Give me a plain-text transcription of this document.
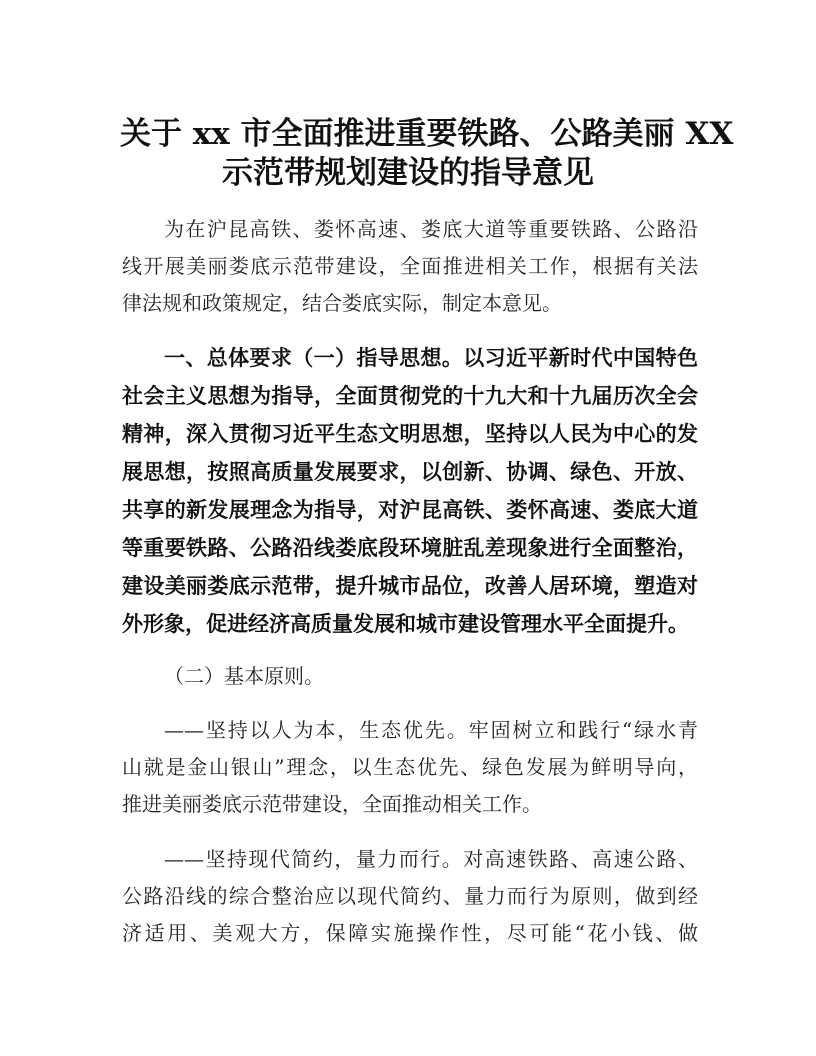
关于 xx 市全面推进重要铁路、公路美丽 XX
示范带规划建设的指导意见
为在沪昆高铁、娄怀高速、娄底大道等重要铁路、公路沿
线开展美丽娄底示范带建设，全面推进相关工作，根据有关法
律法规和政策规定，结合娄底实际，制定本意见。
一、总体要求（一）指导思想。以习近平新时代中国特色
社会主义思想为指导，全面贯彻党的十九大和十九届历次全会
精神，深入贯彻习近平生态文明思想，坚持以人民为中心的发
展思想，按照高质量发展要求，以创新、协调、绿色、开放、
共享的新发展理念为指导，对沪昆高铁、娄怀高速、娄底大道
等重要铁路、公路沿线娄底段环境脏乱差现象进行全面整治，
建设美丽娄底示范带，提升城市品位，改善人居环境，塑造对
外形象，促进经济高质量发展和城市建设管理水平全面提升。
（二）基本原则。
——坚持以人为本，生态优先。牢固树立和践行“绿水青
山就是金山银山”理念，以生态优先、绿色发展为鲜明导向，
推进美丽娄底示范带建设，全面推动相关工作。
——坚持现代简约，量力而行。对高速铁路、高速公路、
公路沿线的综合整治应以现代简约、量力而行为原则，做到经
济适用、美观大方，保障实施操作性，尽可能“花小钱、做
